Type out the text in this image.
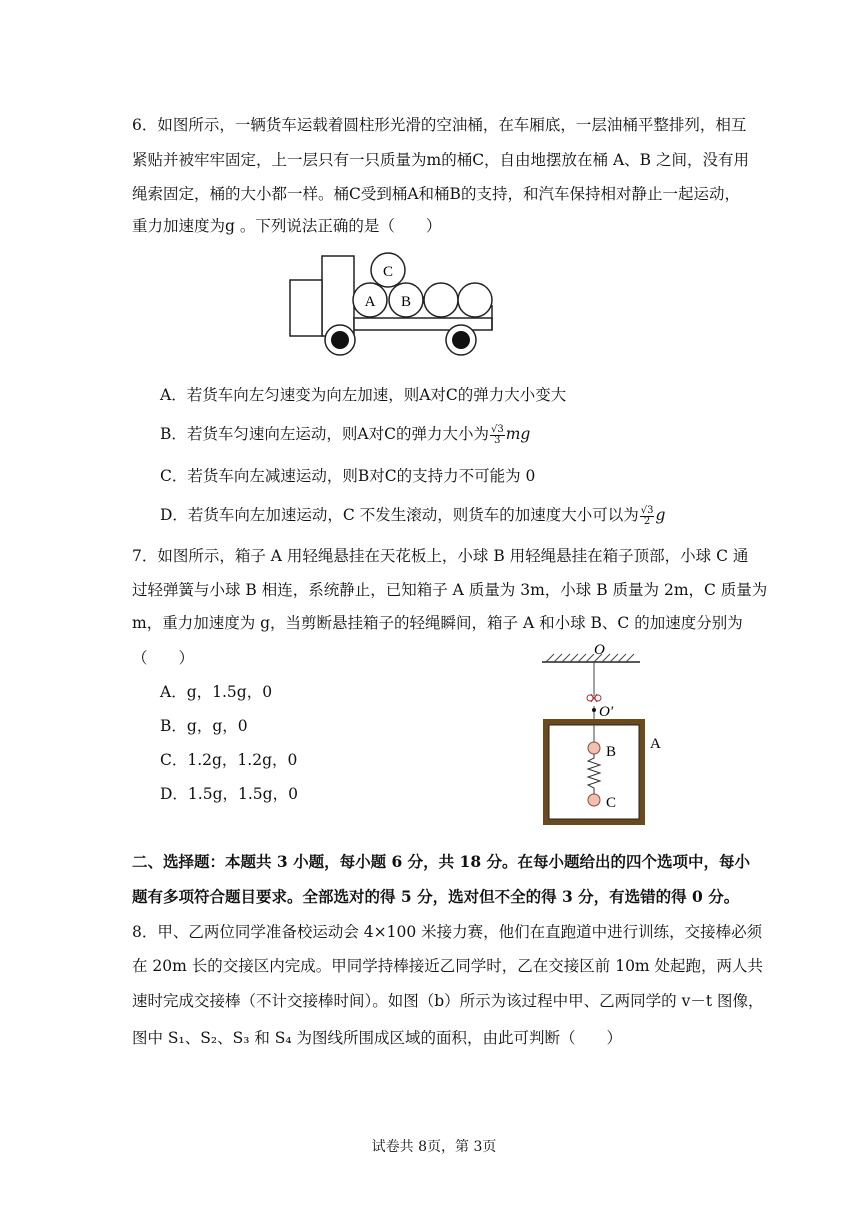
6．如图所示，一辆货车运载着圆柱形光滑的空油桶，在车厢底，一层油桶平整排列，相互
紧贴并被牢牢固定，上一层只有一只质量为m的桶C，自由地摆放在桶 A、B 之间，没有用
绳索固定，桶的大小都一样。桶C受到桶A和桶B的支持，和汽车保持相对静止一起运动，
重力加速度为g 。下列说法正确的是（　　）
A B
C
A．若货车向左匀速变为向左加速，则A对C的弹力大小变大
B．若货车匀速向左运动，则A对C的弹力大小为 $\frac{√3}{3}$ mg
C．若货车向左减速运动，则B对C的支持力不可能为 0
D．若货车向左加速运动，C 不发生滚动，则货车的加速度大小可以为 $\frac{√3}{2}$ g
7．如图所示，箱子 A 用轻绳悬挂在天花板上，小球 B 用轻绳悬挂在箱子顶部，小球 C 通
过轻弹簧与小球 B 相连，系统静止，已知箱子 A 质量为 3m，小球 B 质量为 2m，C 质量为
m，重力加速度为 g，当剪断悬挂箱子的轻绳瞬间，箱子 A 和小球 B、C 的加速度分别为
（　　）
A．g，1.5g，0
B．g，g，0
C．1.2g，1.2g，0
D．1.5g，1.5g，0
O
O′
A
B
C
二、选择题：本题共 3 小题，每小题 6 分，共 18 分。在每小题给出的四个选项中，每小
题有多项符合题目要求。全部选对的得 5 分，选对但不全的得 3 分，有选错的得 0 分。
8．甲、乙两位同学准备校运动会 4×100 米接力赛，他们在直跑道中进行训练，交接棒必须
在 20m 长的交接区内完成。甲同学持棒接近乙同学时，乙在交接区前 10m 处起跑，两人共
速时完成交接棒（不计交接棒时间）。如图（b）所示为该过程中甲、乙两同学的 v－t 图像，
图中 S₁、S₂、S₃ 和 S₄ 为图线所围成区域的面积，由此可判断（　　）
试卷共 8页，第 3页
